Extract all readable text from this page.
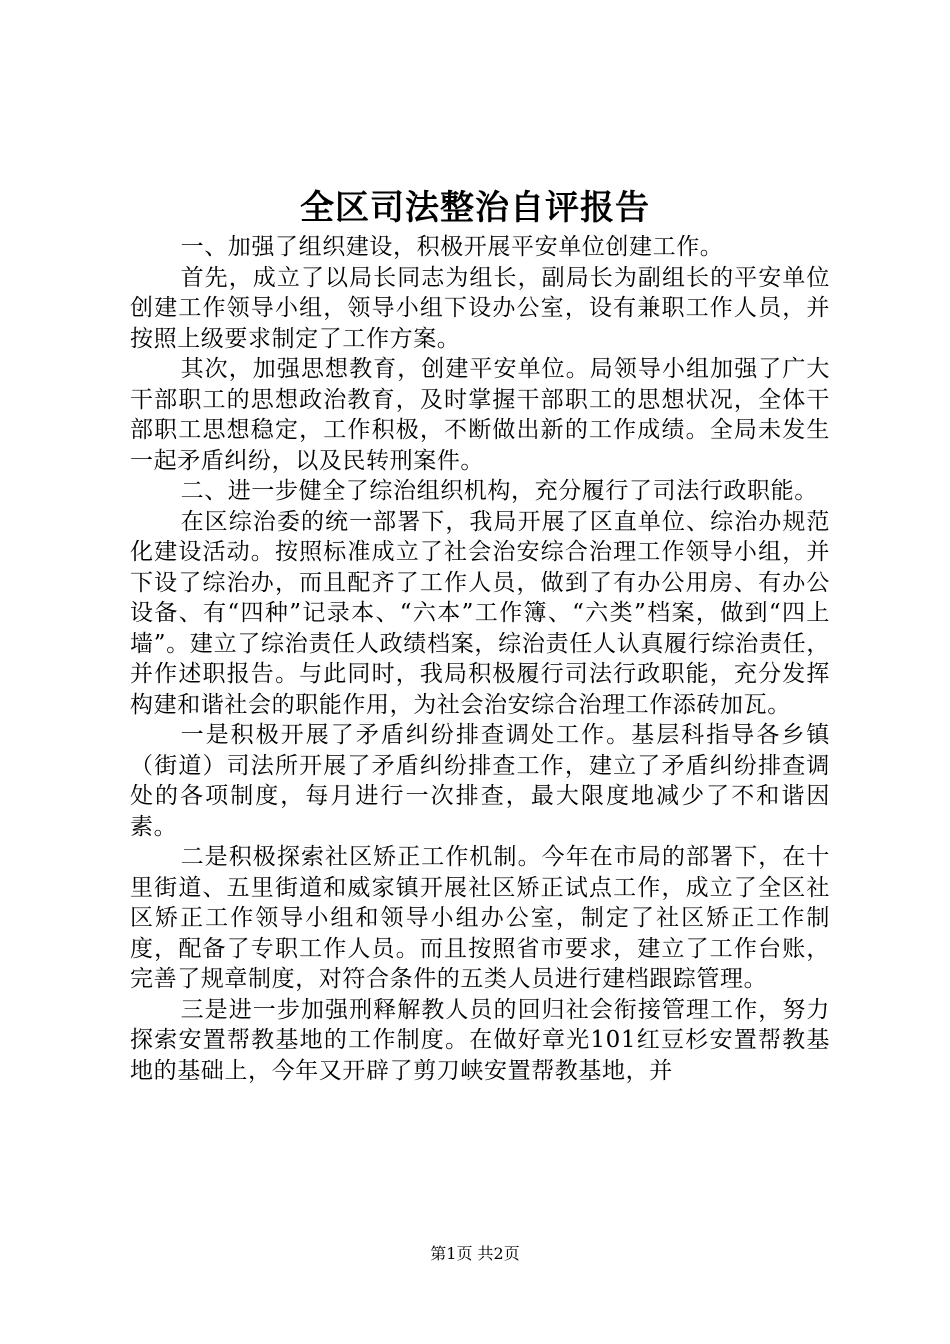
全区司法整治自评报告

一、加强了组织建设，积极开展平安单位创建工作。

首先，成立了以局长同志为组长，副局长为副组长的平安单位创建工作领导小组，领导小组下设办公室，设有兼职工作人员，并按照上级要求制定了工作方案。

其次，加强思想教育，创建平安单位。局领导小组加强了广大干部职工的思想政治教育，及时掌握干部职工的思想状况，全体干部职工思想稳定，工作积极，不断做出新的工作成绩。全局未发生一起矛盾纠纷，以及民转刑案件。

二、进一步健全了综治组织机构，充分履行了司法行政职能。

在区综治委的统一部署下，我局开展了区直单位、综治办规范化建设活动。按照标准成立了社会治安综合治理工作领导小组，并下设了综治办，而且配齐了工作人员，做到了有办公用房、有办公设备、有“四种”记录本、“六本”工作簿、“六类”档案，做到“四上墙”。建立了综治责任人政绩档案，综治责任人认真履行综治责任，并作述职报告。与此同时，我局积极履行司法行政职能，充分发挥构建和谐社会的职能作用，为社会治安综合治理工作添砖加瓦。

一是积极开展了矛盾纠纷排查调处工作。基层科指导各乡镇（街道）司法所开展了矛盾纠纷排查工作，建立了矛盾纠纷排查调处的各项制度，每月进行一次排查，最大限度地减少了不和谐因素。

二是积极探索社区矫正工作机制。今年在市局的部署下，在十里街道、五里街道和威家镇开展社区矫正试点工作，成立了全区社区矫正工作领导小组和领导小组办公室，制定了社区矫正工作制度，配备了专职工作人员。而且按照省市要求，建立了工作台账，完善了规章制度，对符合条件的五类人员进行建档跟踪管理。

三是进一步加强刑释解教人员的回归社会衔接管理工作，努力探索安置帮教基地的工作制度。在做好章光101红豆杉安置帮教基地的基础上，今年又开辟了剪刀峡安置帮教基地，并

第1页 共2页
